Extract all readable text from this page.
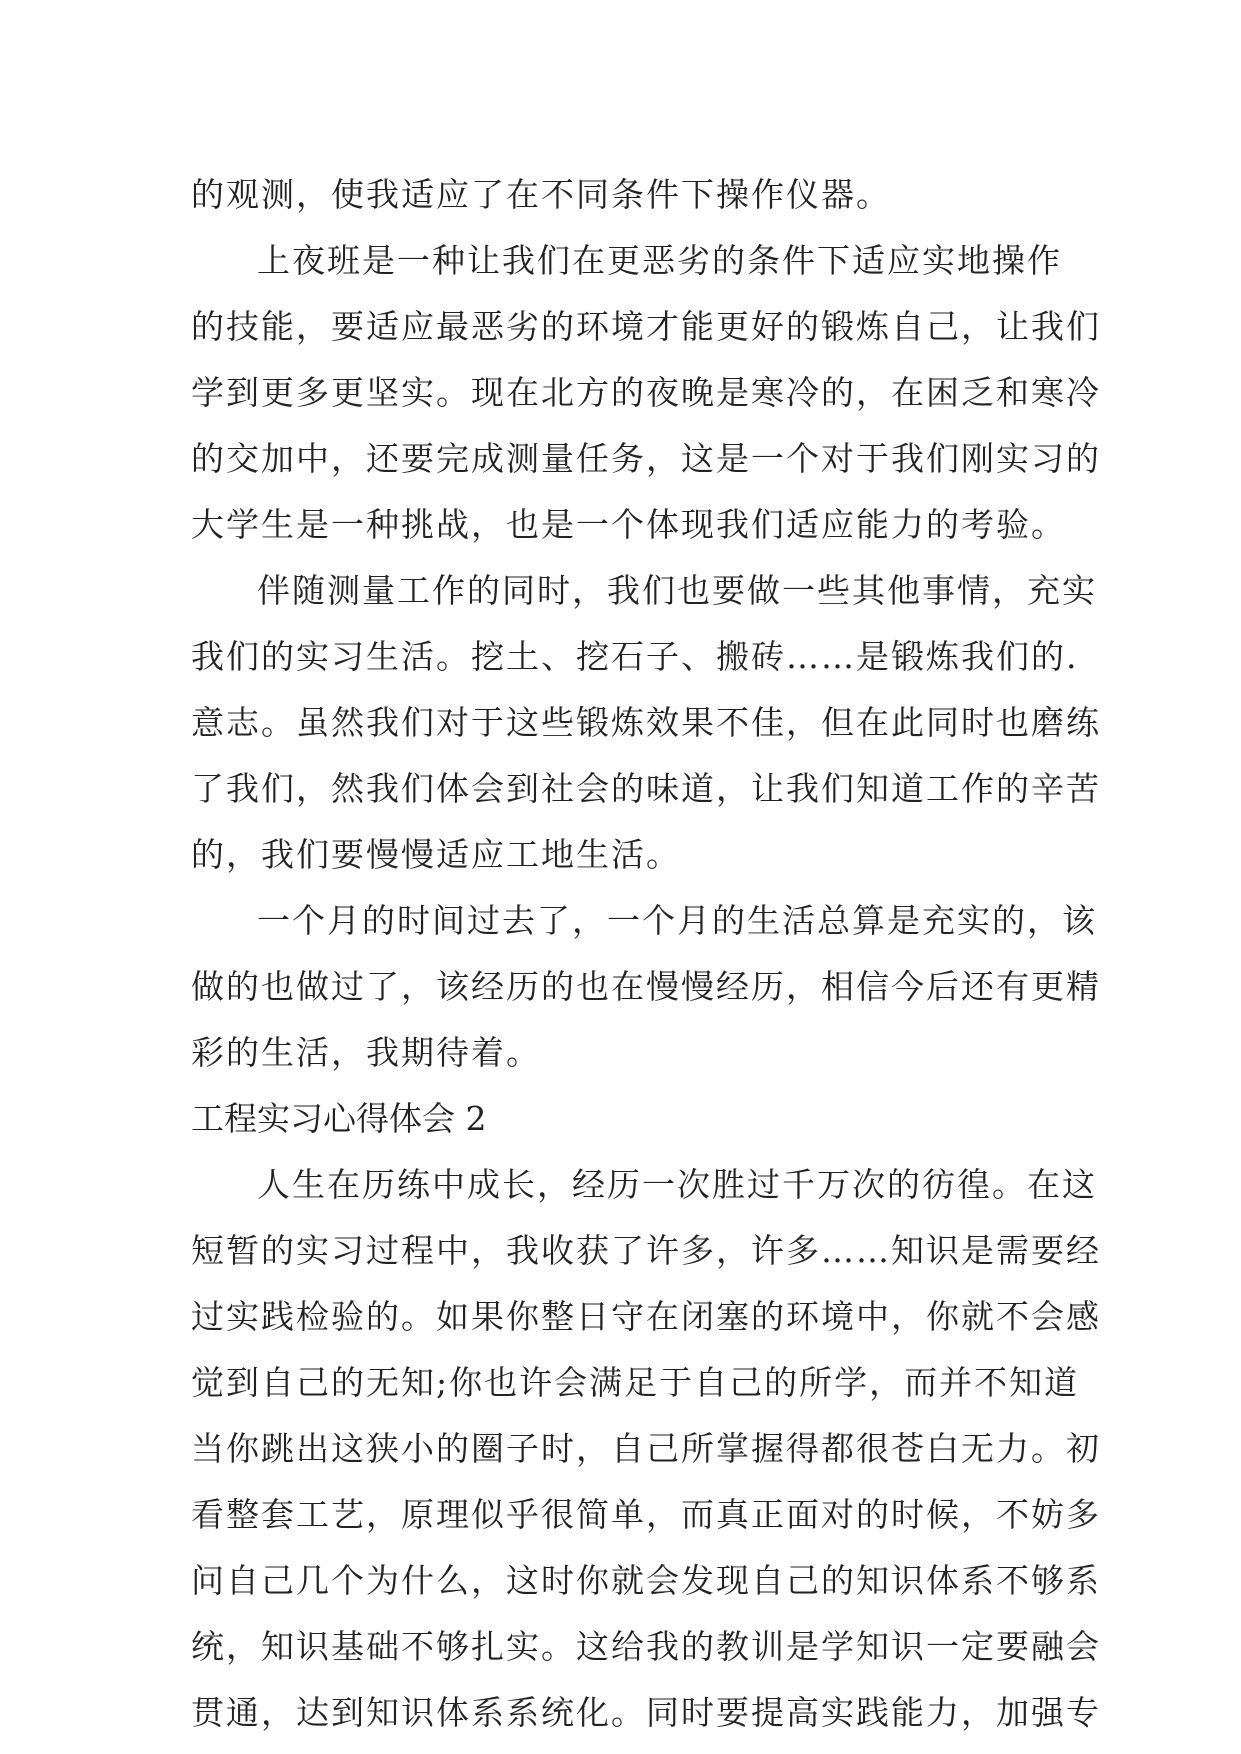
的观测，使我适应了在不同条件下操作仪器。
上夜班是一种让我们在更恶劣的条件下适应实地操作
的技能，要适应最恶劣的环境才能更好的锻炼自己，让我们
学到更多更坚实。现在北方的夜晚是寒冷的，在困乏和寒冷
的交加中，还要完成测量任务，这是一个对于我们刚实习的
大学生是一种挑战，也是一个体现我们适应能力的考验。
伴随测量工作的同时，我们也要做一些其他事情，充实
我们的实习生活。挖土、挖石子、搬砖……是锻炼我们的.
意志。虽然我们对于这些锻炼效果不佳，但在此同时也磨练
了我们，然我们体会到社会的味道，让我们知道工作的辛苦
的，我们要慢慢适应工地生活。
一个月的时间过去了，一个月的生活总算是充实的，该
做的也做过了，该经历的也在慢慢经历，相信今后还有更精
彩的生活，我期待着。
工程实习心得体会 2
人生在历练中成长，经历一次胜过千万次的彷徨。在这
短暂的实习过程中，我收获了许多，许多……知识是需要经
过实践检验的。如果你整日守在闭塞的环境中，你就不会感
觉到自己的无知;你也许会满足于自己的所学，而并不知道
当你跳出这狭小的圈子时，自己所掌握得都很苍白无力。初
看整套工艺，原理似乎很简单，而真正面对的时候，不妨多
问自己几个为什么，这时你就会发现自己的知识体系不够系
统，知识基础不够扎实。这给我的教训是学知识一定要融会
贯通，达到知识体系系统化。同时要提高实践能力，加强专
